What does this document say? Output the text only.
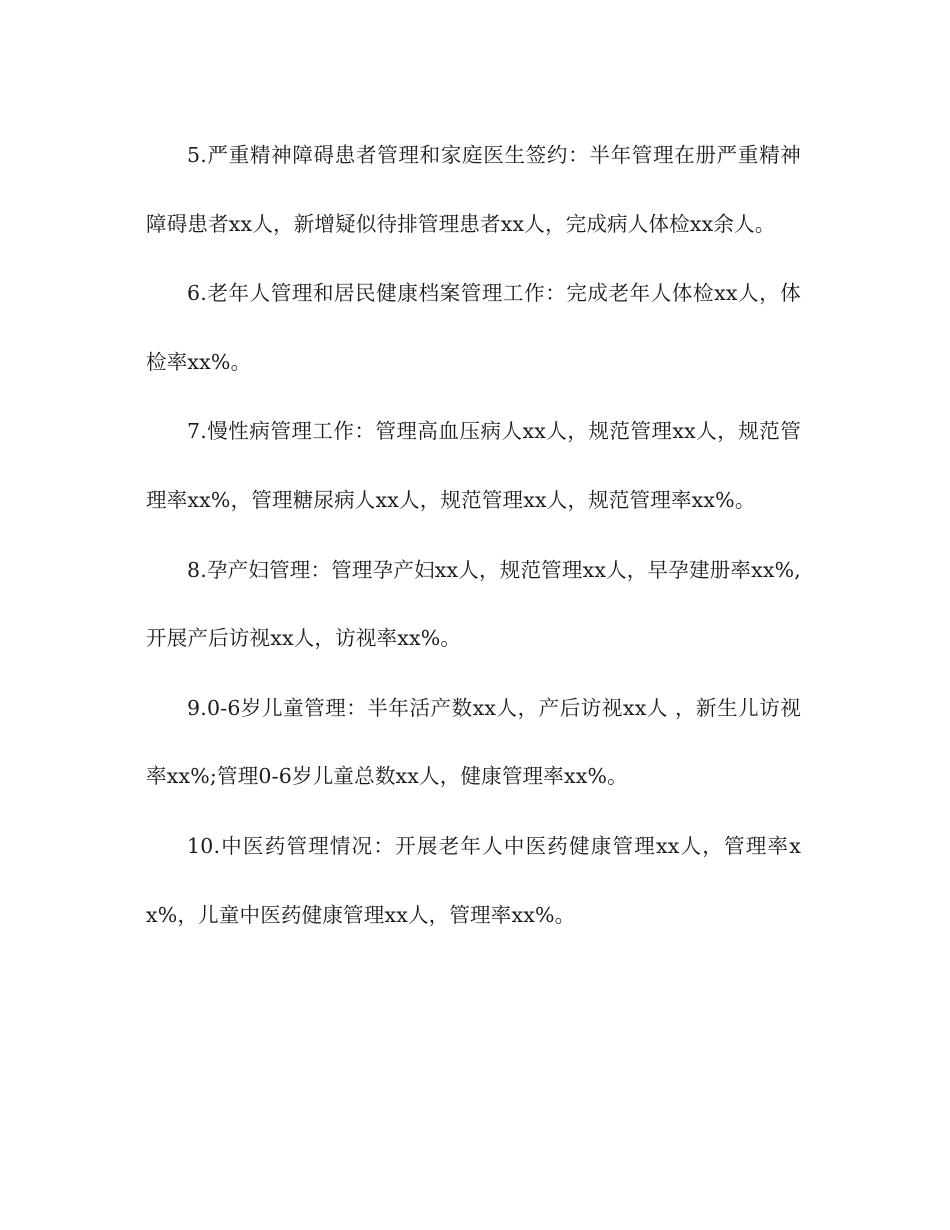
5.严重精神障碍患者管理和家庭医生签约：半年管理在册严重精神障碍患者xx人，新增疑似待排管理患者xx人，完成病人体检xx余人。

6.老年人管理和居民健康档案管理工作：完成老年人体检xx人，体检率xx%。

7.慢性病管理工作：管理高血压病人xx人，规范管理xx人，规范管理率xx%，管理糖尿病人xx人，规范管理xx人，规范管理率xx%。

8.孕产妇管理：管理孕产妇xx人，规范管理xx人，早孕建册率xx%,开展产后访视xx人，访视率xx%。

9.0-6岁儿童管理：半年活产数xx人，产后访视xx人 ，新生儿访视率xx%;管理0-6岁儿童总数xx人，健康管理率xx%。

10.中医药管理情况：开展老年人中医药健康管理xx人，管理率xx%，儿童中医药健康管理xx人，管理率xx%。
